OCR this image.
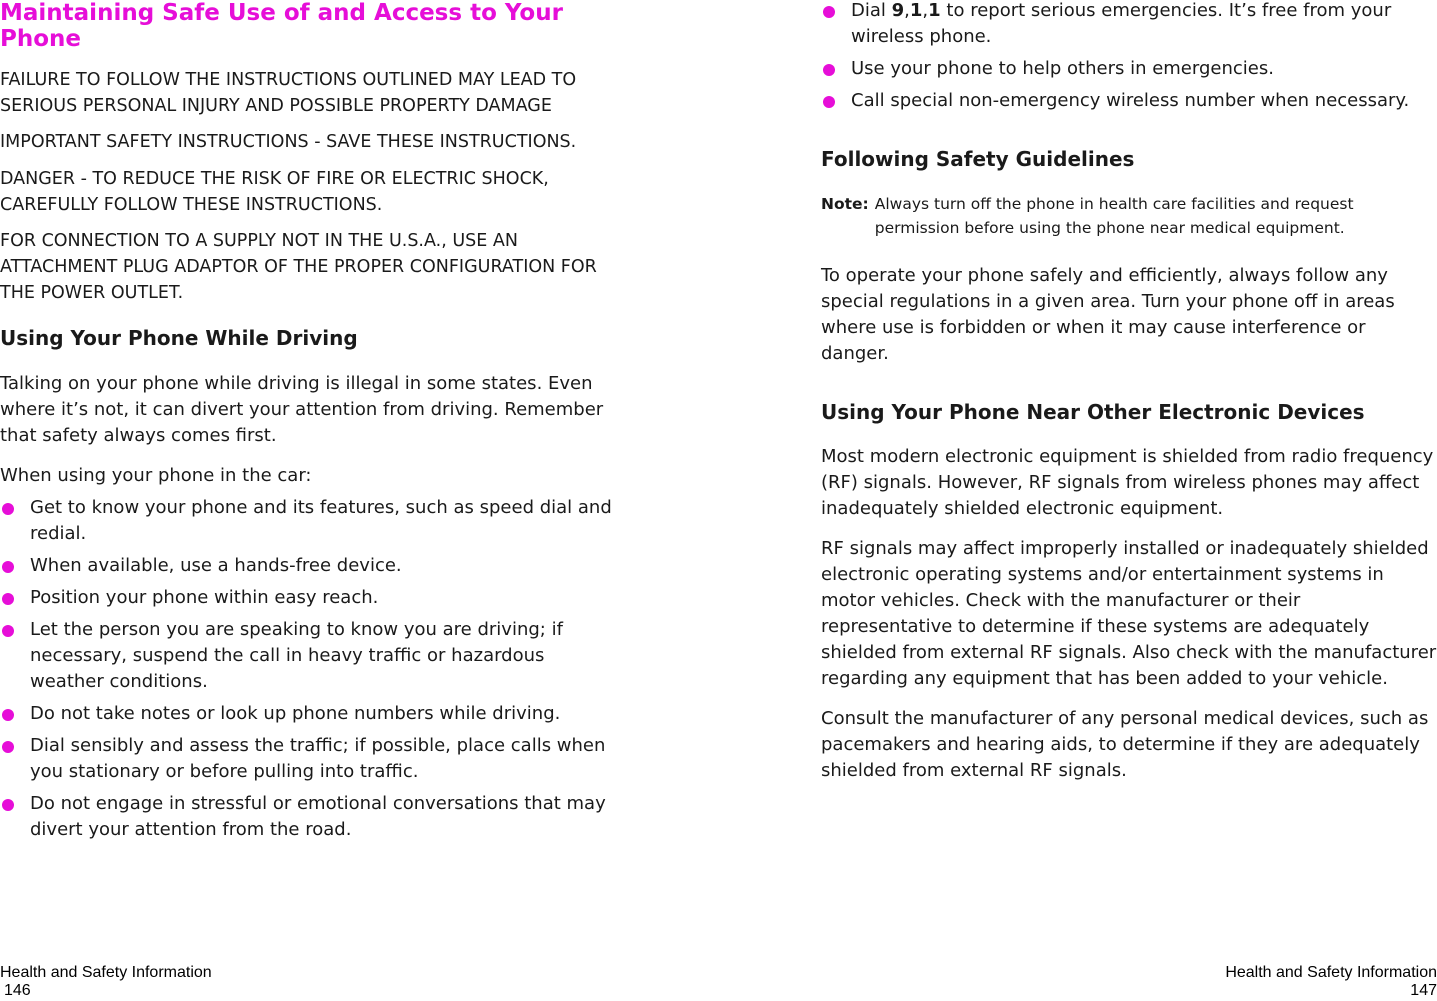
Maintaining Safe Use of and Access to Your Phone

FAILURE TO FOLLOW THE INSTRUCTIONS OUTLINED MAY LEAD TO SERIOUS PERSONAL INJURY AND POSSIBLE PROPERTY DAMAGE

IMPORTANT SAFETY INSTRUCTIONS - SAVE THESE INSTRUCTIONS.

DANGER - TO REDUCE THE RISK OF FIRE OR ELECTRIC SHOCK, CAREFULLY FOLLOW THESE INSTRUCTIONS.

FOR CONNECTION TO A SUPPLY NOT IN THE U.S.A., USE AN ATTACHMENT PLUG ADAPTOR OF THE PROPER CONFIGURATION FOR THE POWER OUTLET.

Using Your Phone While Driving

Talking on your phone while driving is illegal in some states. Even where it’s not, it can divert your attention from driving. Remember that safety always comes first.

When using your phone in the car:

Get to know your phone and its features, such as speed dial and redial.
When available, use a hands-free device.
Position your phone within easy reach.
Let the person you are speaking to know you are driving; if necessary, suspend the call in heavy traffic or hazardous weather conditions.
Do not take notes or look up phone numbers while driving.
Dial sensibly and assess the traffic; if possible, place calls when you stationary or before pulling into traffic.
Do not engage in stressful or emotional conversations that may divert your attention from the road.
Dial 9,1,1 to report serious emergencies. It’s free from your wireless phone.
Use your phone to help others in emergencies.
Call special non-emergency wireless number when necessary.
Following Safety Guidelines
Note: Always turn off the phone in health care facilities and request permission before using the phone near medical equipment.

To operate your phone safely and efficiently, always follow any special regulations in a given area. Turn your phone off in areas where use is forbidden or when it may cause interference or danger.

Using Your Phone Near Other Electronic Devices

Most modern electronic equipment is shielded from radio frequency (RF) signals. However, RF signals from wireless phones may affect inadequately shielded electronic equipment.

RF signals may affect improperly installed or inadequately shielded electronic operating systems and/or entertainment systems in motor vehicles. Check with the manufacturer or their representative to determine if these systems are adequately shielded from external RF signals. Also check with the manufacturer regarding any equipment that has been added to your vehicle.

Consult the manufacturer of any personal medical devices, such as pacemakers and hearing aids, to determine if they are adequately shielded from external RF signals.

Health and Safety Information
146
Health and Safety Information
147
